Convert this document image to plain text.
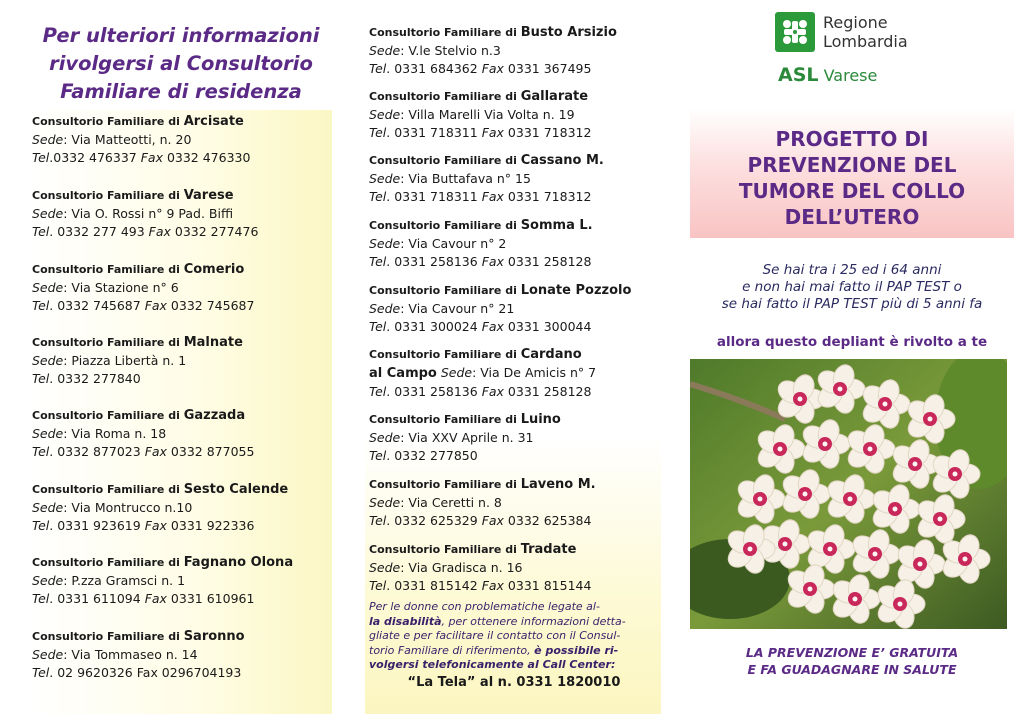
Per ulteriori informazioni
rivolgersi al Consultorio
Familiare di residenza
Consultorio Familiare di Arcisate
Sede: Via Matteotti, n. 20
Tel.0332 476337 Fax 0332 476330
Consultorio Familiare di Varese
Sede: Via O. Rossi n° 9 Pad. Biffi
Tel. 0332 277 493 Fax 0332 277476
Consultorio Familiare di Comerio
Sede: Via Stazione n° 6
Tel. 0332 745687 Fax 0332 745687
Consultorio Familiare di Malnate
Sede: Piazza Libertà n. 1
Tel. 0332 277840
Consultorio Familiare di Gazzada
Sede: Via Roma n. 18
Tel. 0332 877023 Fax 0332 877055
Consultorio Familiare di Sesto Calende
Sede: Via Montrucco n.10
Tel. 0331 923619 Fax 0331 922336
Consultorio Familiare di Fagnano Olona
Sede: P.zza Gramsci n. 1
Tel. 0331 611094 Fax 0331 610961
Consultorio Familiare di Saronno
Sede: Via Tommaseo n. 14
Tel. 02 9620326 Fax 0296704193
Per le donne con problematiche legate al-
la disabilità, per ottenere informazioni detta-
gliate e per facilitare il contatto con il Consul-
torio Familiare di riferimento, è possibile ri-
volgersi telefonicamente al Call Center:
“La Tela” al n. 0331 1820010
Consultorio Familiare di Busto Arsizio
Sede: V.le Stelvio n.3
Tel. 0331 684362 Fax 0331 367495
Consultorio Familiare di Gallarate
Sede: Villa Marelli Via Volta n. 19
Tel. 0331 718311 Fax 0331 718312
Consultorio Familiare di Cassano M.
Sede: Via Buttafava n° 15
Tel. 0331 718311 Fax 0331 718312
Consultorio Familiare di Somma L.
Sede: Via Cavour n° 2
Tel. 0331 258136 Fax 0331 258128
Consultorio Familiare di Lonate Pozzolo
Sede: Via Cavour n° 21
Tel. 0331 300024 Fax 0331 300044
Consultorio Familiare di Cardano
al Campo Sede: Via De Amicis n° 7
Tel. 0331 258136 Fax 0331 258128
Consultorio Familiare di Luino
Sede: Via XXV Aprile n. 31
Tel. 0332 277850
Consultorio Familiare di Laveno M.
Sede: Via Ceretti n. 8
Tel. 0332 625329 Fax 0332 625384
Consultorio Familiare di Tradate
Sede: Via Gradisca n. 16
Tel. 0331 815142 Fax 0331 815144
Regione
Lombardia
ASL Varese
PROGETTO DI
PREVENZIONE DEL
TUMORE DEL COLLO
DELL’UTERO
Se hai tra i 25 ed i 64 anni
e non hai mai fatto il PAP TEST o
se hai fatto il PAP TEST più di 5 anni fa
allora questo depliant è rivolto a te
LA PREVENZIONE E’ GRATUITA
E FA GUADAGNARE IN SALUTE
